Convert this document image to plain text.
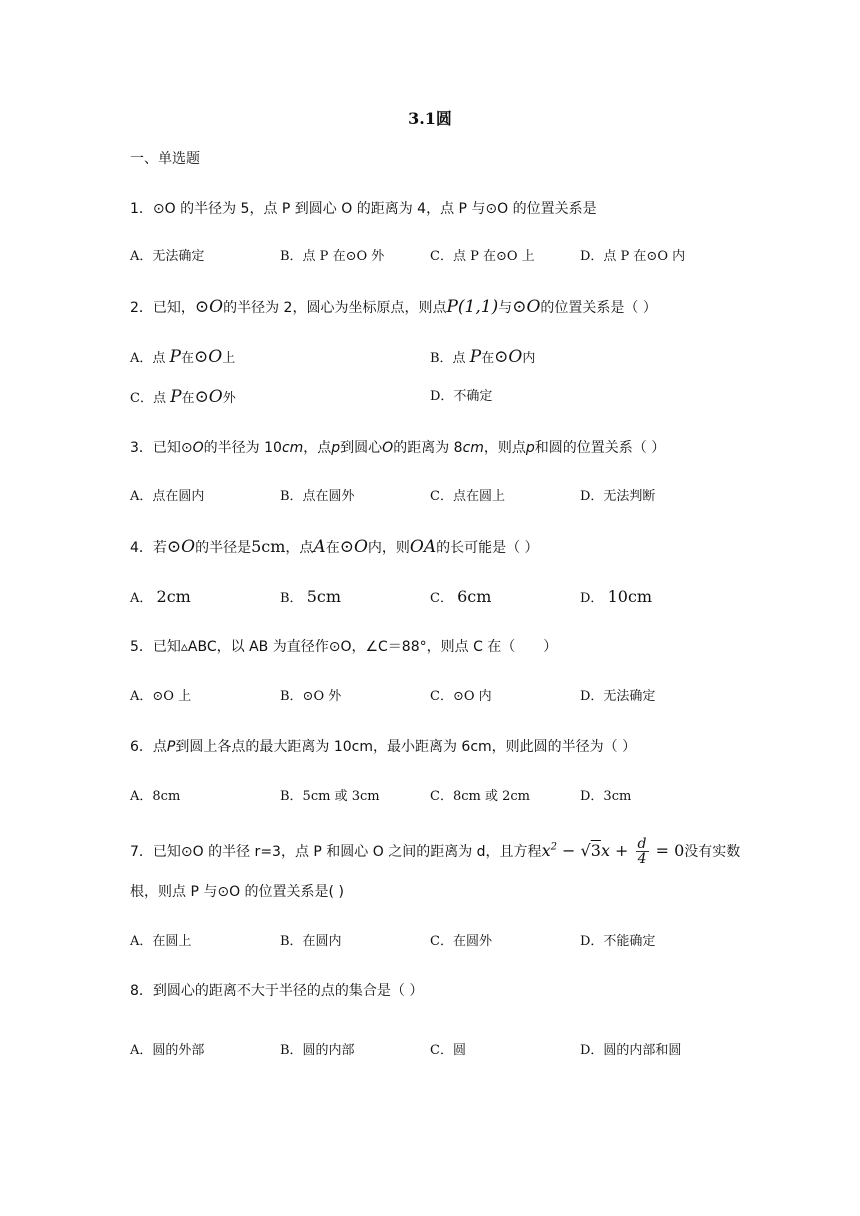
3.1圆
一、单选题
1．⊙O 的半径为 5，点 P 到圆心 O 的距离为 4，点 P 与⊙O 的位置关系是
A．无法确定	B．点 P 在⊙O 外	C．点 P 在⊙O 上	D．点 P 在⊙O 内
2．已知，⊙O的半径为 2，圆心为坐标原点，则点P(1,1)与⊙O的位置关系是（ ）
A．点 P在⊙O上	B．点 P在⊙O内
C．点 P在⊙O外	D．不确定
3．已知⊙O的半径为 10cm，点p到圆心O的距离为 8cm，则点p和圆的位置关系（ ）
A．点在圆内	B．点在圆外	C．点在圆上	D．无法判断
4．若⊙O的半径是5cm，点A在⊙O内，则OA的长可能是（ ）
A． 2cm	B． 5cm	C． 6cm	D． 10cm
5．已知▵ABC，以 AB 为直径作⊙O，∠C＝88°，则点 C 在（　　）
A．⊙O 上	B．⊙O 外	C．⊙O 内	D．无法确定
6．点P到圆上各点的最大距离为 10cm，最小距离为 6cm，则此圆的半径为（ ）
A．8cm	B．5cm 或 3cm	C．8cm 或 2cm	D．3cm
7．已知⊙O 的半径 r=3，点 P 和圆心 O 之间的距离为 d，且方程$x^2 - √3x + \frac{d}{4} = 0$没有实数
根，则点 P 与⊙O 的位置关系是( )
A．在圆上	B．在圆内	C．在圆外	D．不能确定
8．到圆心的距离不大于半径的点的集合是（ ）
A．圆的外部	B．圆的内部	C．圆	D．圆的内部和圆
